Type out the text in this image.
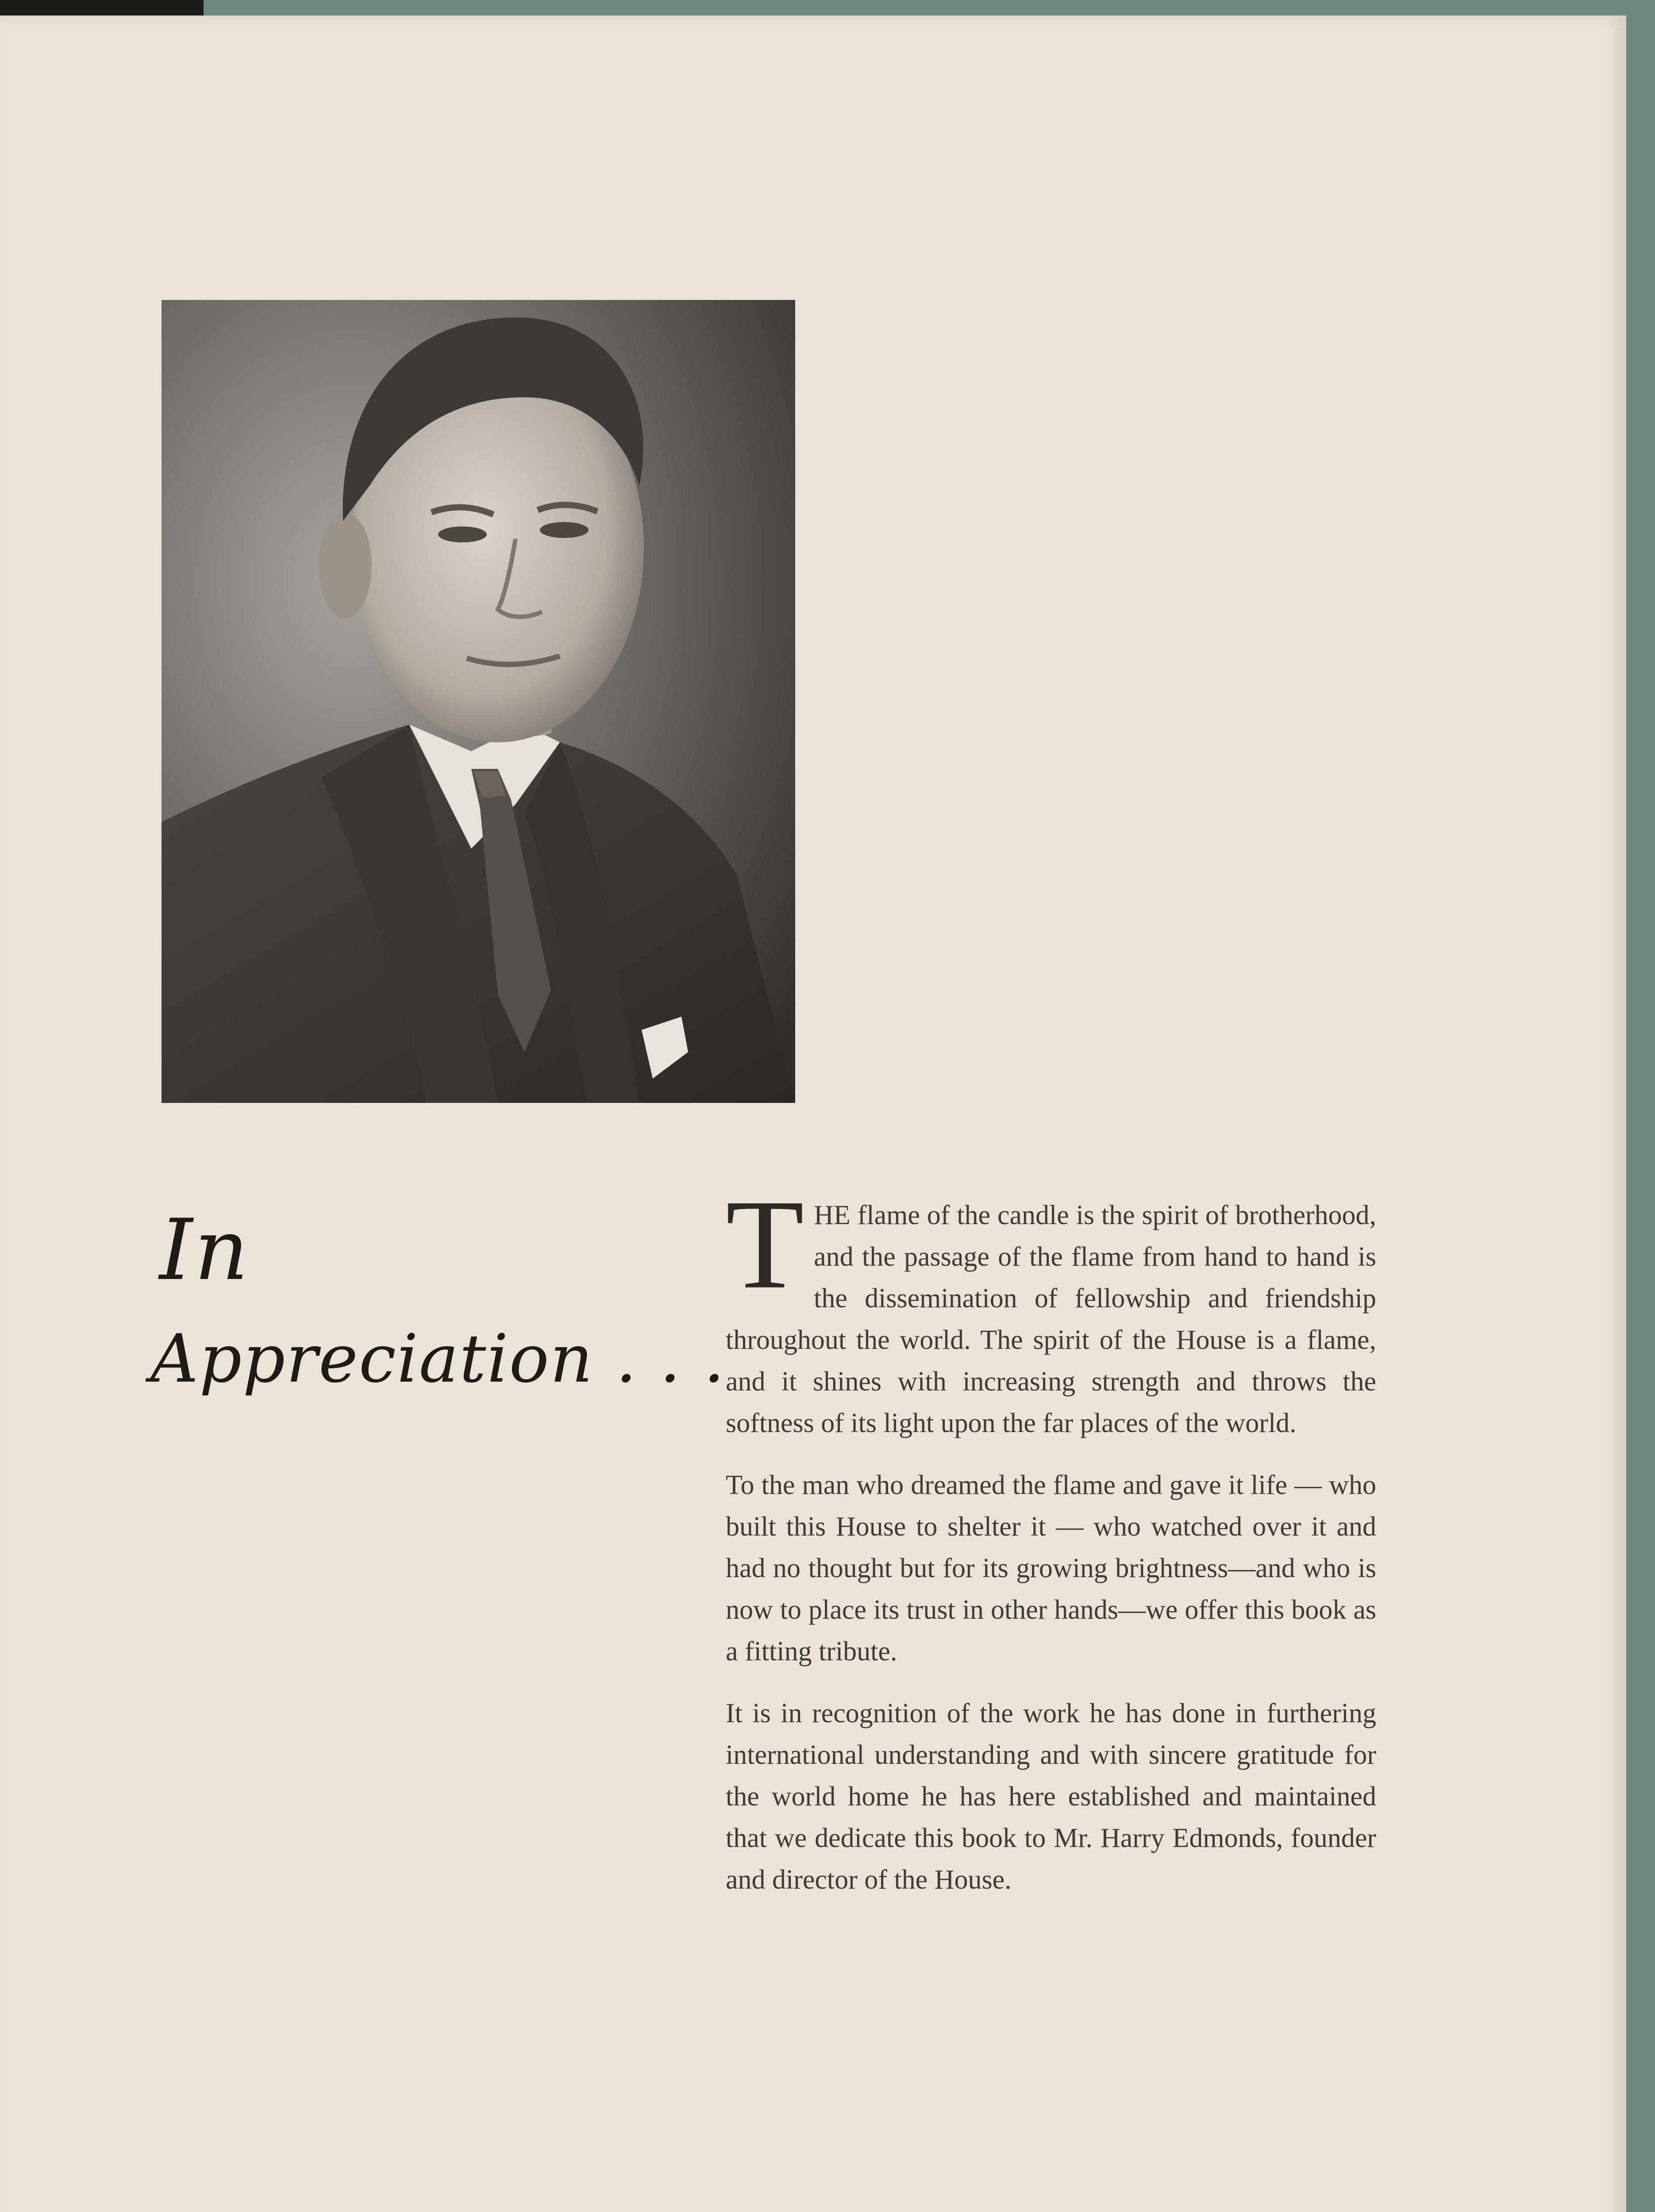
In
Appreciation . . .

T HE flame of the candle is the spirit of brotherhood, and the passage of the flame from hand to hand is the dissemination of fellowship and friendship throughout the world. The spirit of the House is a flame, and it shines with increasing strength and throws the softness of its light upon the far places of the world.

To the man who dreamed the flame and gave it life — who built this House to shelter it — who watched over it and had no thought but for its growing brightness—and who is now to place its trust in other hands—we offer this book as a fitting tribute.

It is in recognition of the work he has done in furthering international understanding and with sincere gratitude for the world home he has here established and maintained that we dedicate this book to Mr. Harry Edmonds, founder and director of the House.
